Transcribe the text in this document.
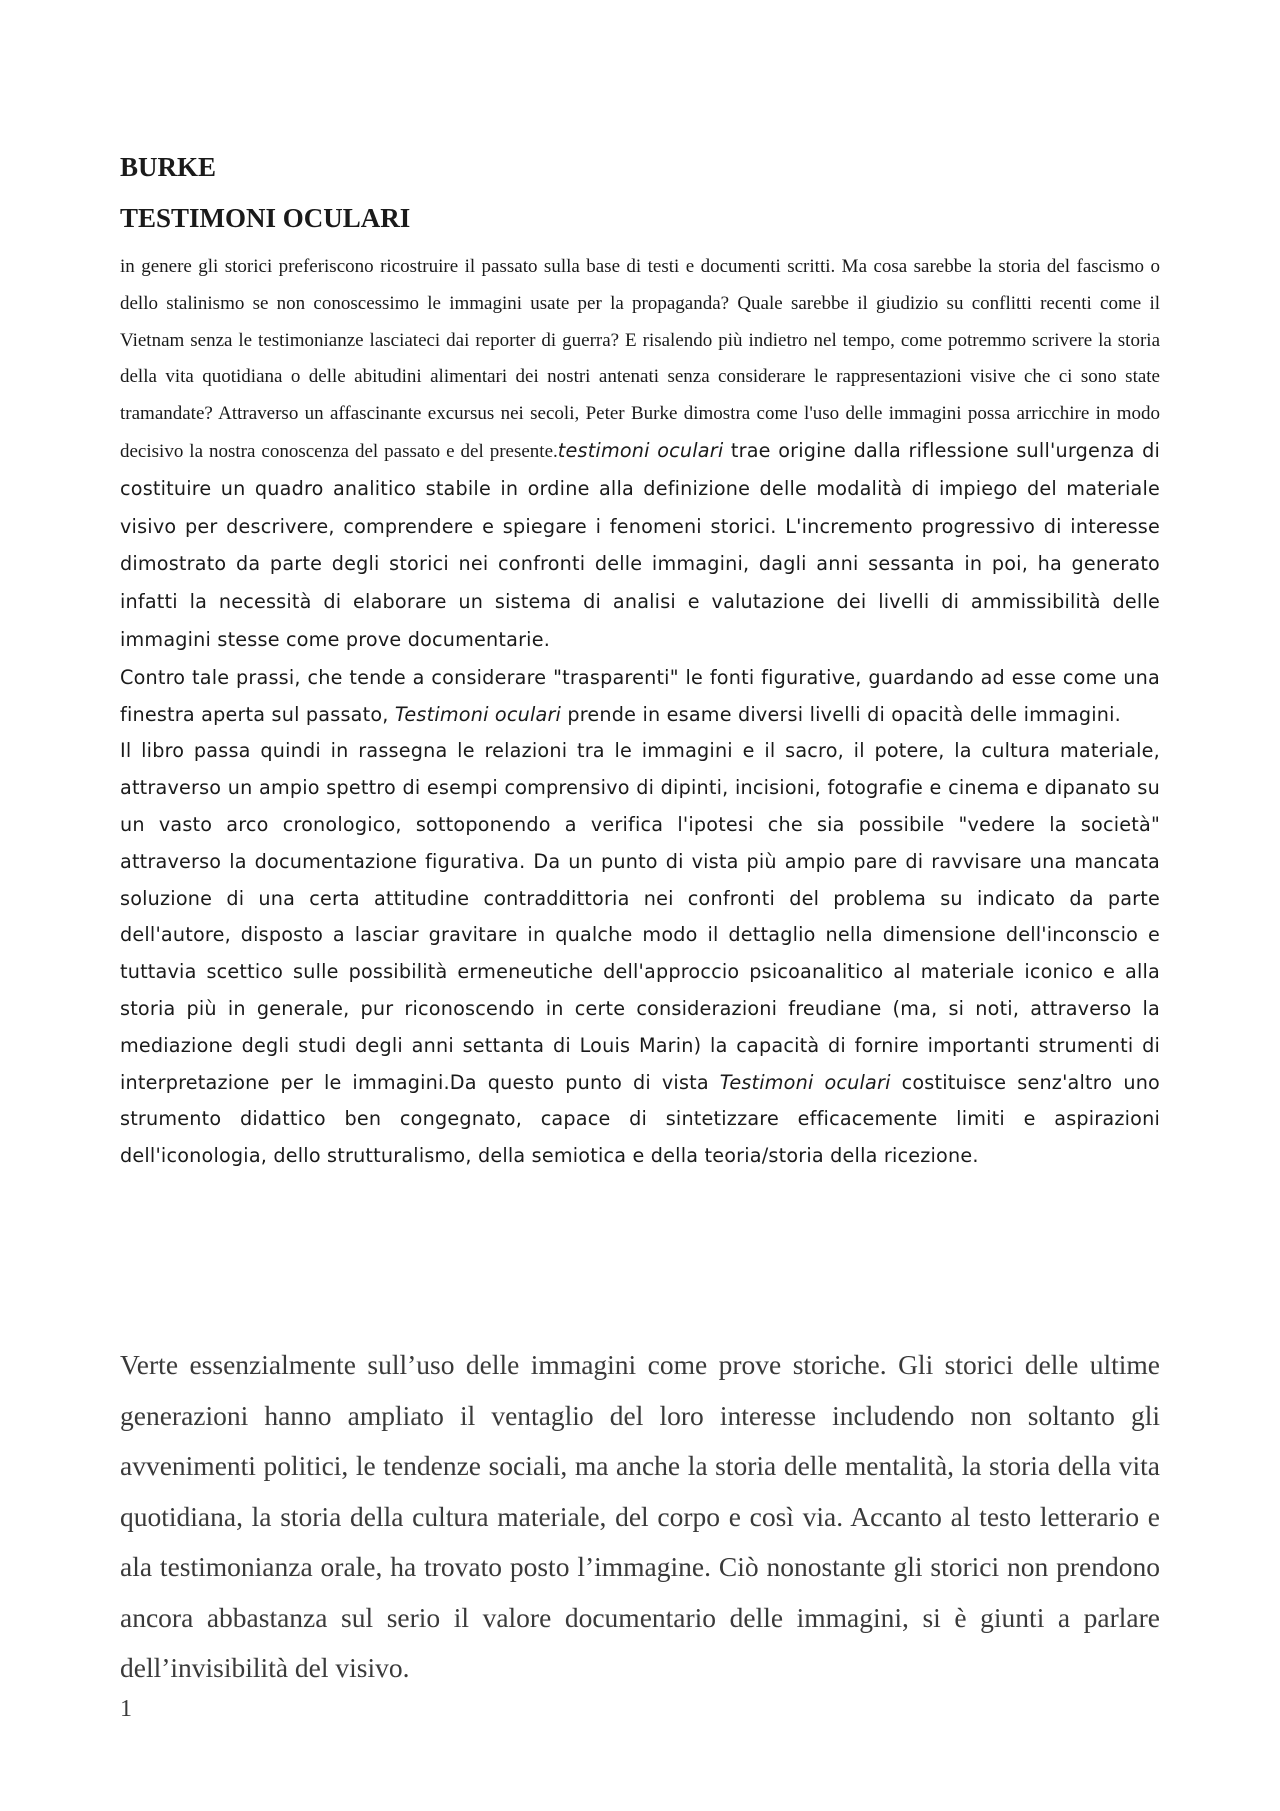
BURKE
TESTIMONI OCULARI

in genere gli storici preferiscono ricostruire il passato sulla base di testi e documenti scritti. Ma cosa sarebbe la storia del fascismo o dello stalinismo se non conoscessimo le immagini usate per la propaganda? Quale sarebbe il giudizio su conflitti recenti come il Vietnam senza le testimonianze lasciateci dai reporter di guerra? E risalendo più indietro nel tempo, come potremmo scrivere la storia della vita quotidiana o delle abitudini alimentari dei nostri antenati senza considerare le rappresentazioni visive che ci sono state tramandate? Attraverso un affascinante excursus nei secoli, Peter Burke dimostra come l'uso delle immagini possa arricchire in modo decisivo la nostra conoscenza del passato e del presente.testimoni oculari trae origine dalla riflessione sull'urgenza di costituire un quadro analitico stabile in ordine alla definizione delle modalità di impiego del materiale visivo per descrivere, comprendere e spiegare i fenomeni storici. L'incremento progressivo di interesse dimostrato da parte degli storici nei confronti delle immagini, dagli anni sessanta in poi, ha generato infatti la necessità di elaborare un sistema di analisi e valutazione dei livelli di ammissibilità delle immagini stesse come prove documentarie.

Contro tale prassi, che tende a considerare "trasparenti" le fonti figurative, guardando ad esse come una finestra aperta sul passato, Testimoni oculari prende in esame diversi livelli di opacità delle immagini.

Il libro passa quindi in rassegna le relazioni tra le immagini e il sacro, il potere, la cultura materiale, attraverso un ampio spettro di esempi comprensivo di dipinti, incisioni, fotografie e cinema e dipanato su un vasto arco cronologico, sottoponendo a verifica l'ipotesi che sia possibile "vedere la società" attraverso la documentazione figurativa. Da un punto di vista più ampio pare di ravvisare una mancata soluzione di una certa attitudine contraddittoria nei confronti del problema su indicato da parte dell'autore, disposto a lasciar gravitare in qualche modo il dettaglio nella dimensione dell'inconscio e tuttavia scettico sulle possibilità ermeneutiche dell'approccio psicoanalitico al materiale iconico e alla storia più in generale, pur riconoscendo in certe considerazioni freudiane (ma, si noti, attraverso la mediazione degli studi degli anni settanta di Louis Marin) la capacità di fornire importanti strumenti di interpretazione per le immagini.Da questo punto di vista Testimoni oculari costituisce senz'altro uno strumento didattico ben congegnato, capace di sintetizzare efficacemente limiti e aspirazioni dell'iconologia, dello strutturalismo, della semiotica e della teoria/storia della ricezione.

Verte essenzialmente sull’uso delle immagini come prove storiche. Gli storici delle ultime generazioni hanno ampliato il ventaglio del loro interesse includendo non soltanto gli avvenimenti politici, le tendenze sociali, ma anche la storia delle mentalità, la storia della vita quotidiana, la storia della cultura materiale, del corpo e così via. Accanto al testo letterario e ala testimonianza orale, ha trovato posto l’immagine. Ciò nonostante gli storici non prendono ancora abbastanza sul serio il valore documentario delle immagini, si è giunti a parlare dell’invisibilità del visivo.

1
